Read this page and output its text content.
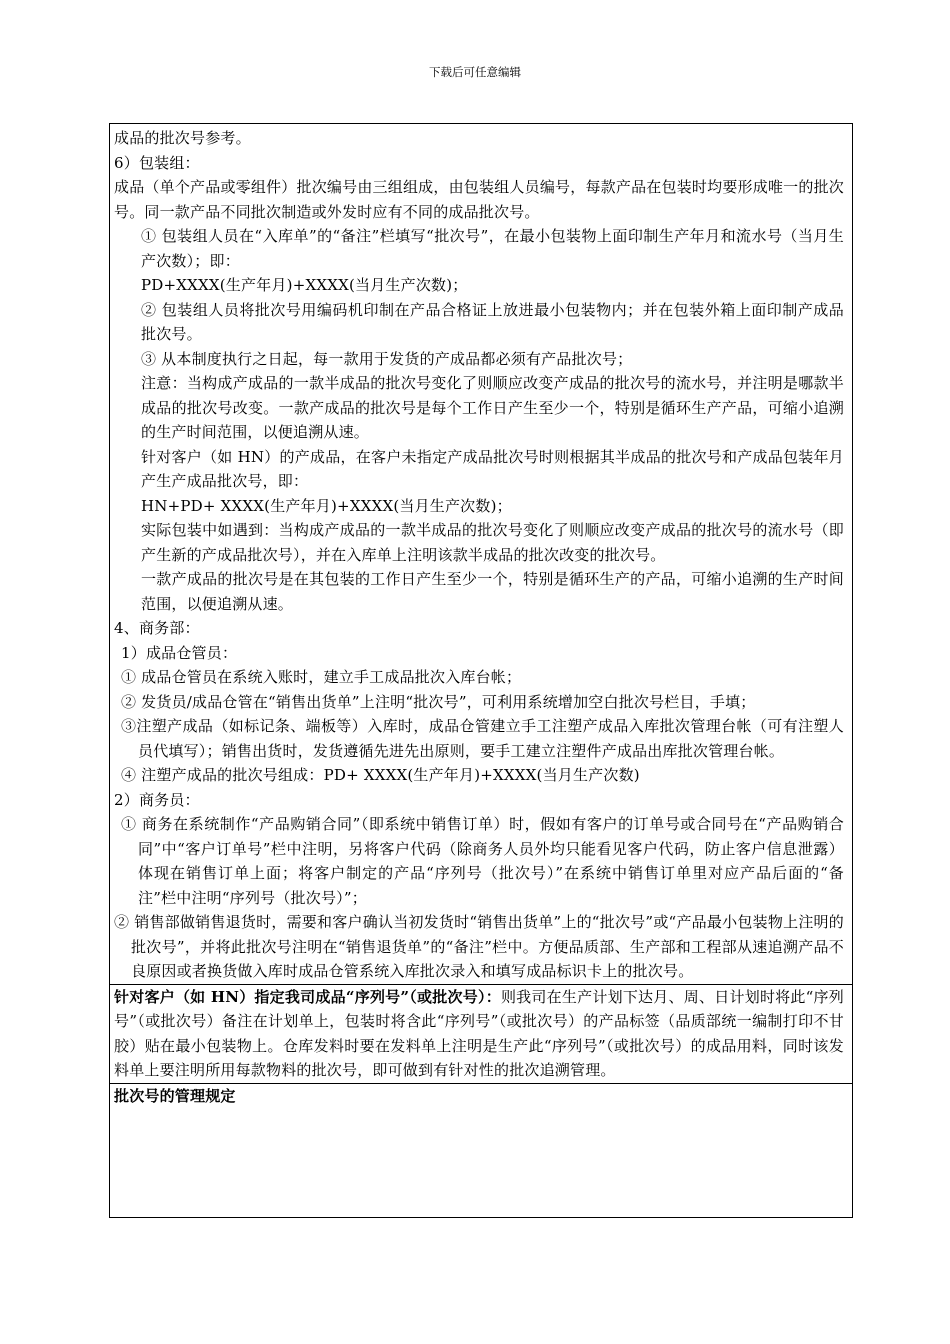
下载后可任意编辑
成品的批次号参考。
6）包装组：
成品（单个产品或零组件）批次编号由三组组成，由包装组人员编号，每款产品在包装时均要形成唯一的批次号。同一款产品不同批次制造或外发时应有不同的成品批次号。
① 包装组人员在“入库单”的“备注”栏填写“批次号”，在最小包装物上面印制生产年月和流水号（当月生产次数）；即：
PD+XXXX(生产年月)+XXXX(当月生产次数)；
② 包装组人员将批次号用编码机印制在产品合格证上放进最小包装物内；并在包装外箱上面印制产成品批次号。
③ 从本制度执行之日起，每一款用于发货的产成品都必须有产品批次号；
注意：当构成产成品的一款半成品的批次号变化了则顺应改变产成品的批次号的流水号，并注明是哪款半成品的批次号改变。一款产成品的批次号是每个工作日产生至少一个，特别是循环生产产品，可缩小追溯的生产时间范围，以便追溯从速。
针对客户（如 HN）的产成品，在客户未指定产成品批次号时则根据其半成品的批次号和产成品包装年月产生产成品批次号，即：
HN+PD+ XXXX(生产年月)+XXXX(当月生产次数)；
实际包装中如遇到：当构成产成品的一款半成品的批次号变化了则顺应改变产成品的批次号的流水号（即产生新的产成品批次号），并在入库单上注明该款半成品的批次改变的批次号。
一款产成品的批次号是在其包装的工作日产生至少一个，特别是循环生产的产品，可缩小追溯的生产时间范围，以便追溯从速。
4、商务部：
1）成品仓管员：
① 成品仓管员在系统入账时，建立手工成品批次入库台帐；
② 发货员/成品仓管在“销售出货单”上注明“批次号”，可利用系统增加空白批次号栏目，手填；
③注塑产成品（如标记条、端板等）入库时，成品仓管建立手工注塑产成品入库批次管理台帐（可有注塑人员代填写）；销售出货时，发货遵循先进先出原则，要手工建立注塑件产成品出库批次管理台帐。
④ 注塑产成品的批次号组成：PD+ XXXX(生产年月)+XXXX(当月生产次数)
2）商务员：
① 商务在系统制作“产品购销合同”（即系统中销售订单）时，假如有客户的订单号或合同号在“产品购销合同”中“客户订单号”栏中注明，另将客户代码（除商务人员外均只能看见客户代码，防止客户信息泄露）体现在销售订单上面；将客户制定的产品“序列号（批次号）”在系统中销售订单里对应产品后面的“备注”栏中注明“序列号（批次号）”；
② 销售部做销售退货时，需要和客户确认当初发货时“销售出货单”上的“批次号”或“产品最小包装物上注明的批次号”，并将此批次号注明在“销售退货单”的“备注”栏中。方便品质部、生产部和工程部从速追溯产品不良原因或者换货做入库时成品仓管系统入库批次录入和填写成品标识卡上的批次号。
针对客户（如 HN）指定我司成品“序列号”（或批次号）：则我司在生产计划下达月、周、日计划时将此“序列号”（或批次号）备注在计划单上，包装时将含此“序列号”（或批次号）的产品标签（品质部统一编制打印不甘胶）贴在最小包装物上。仓库发料时要在发料单上注明是生产此“序列号”（或批次号）的成品用料，同时该发料单上要注明所用每款物料的批次号，即可做到有针对性的批次追溯管理。
批次号的管理规定
